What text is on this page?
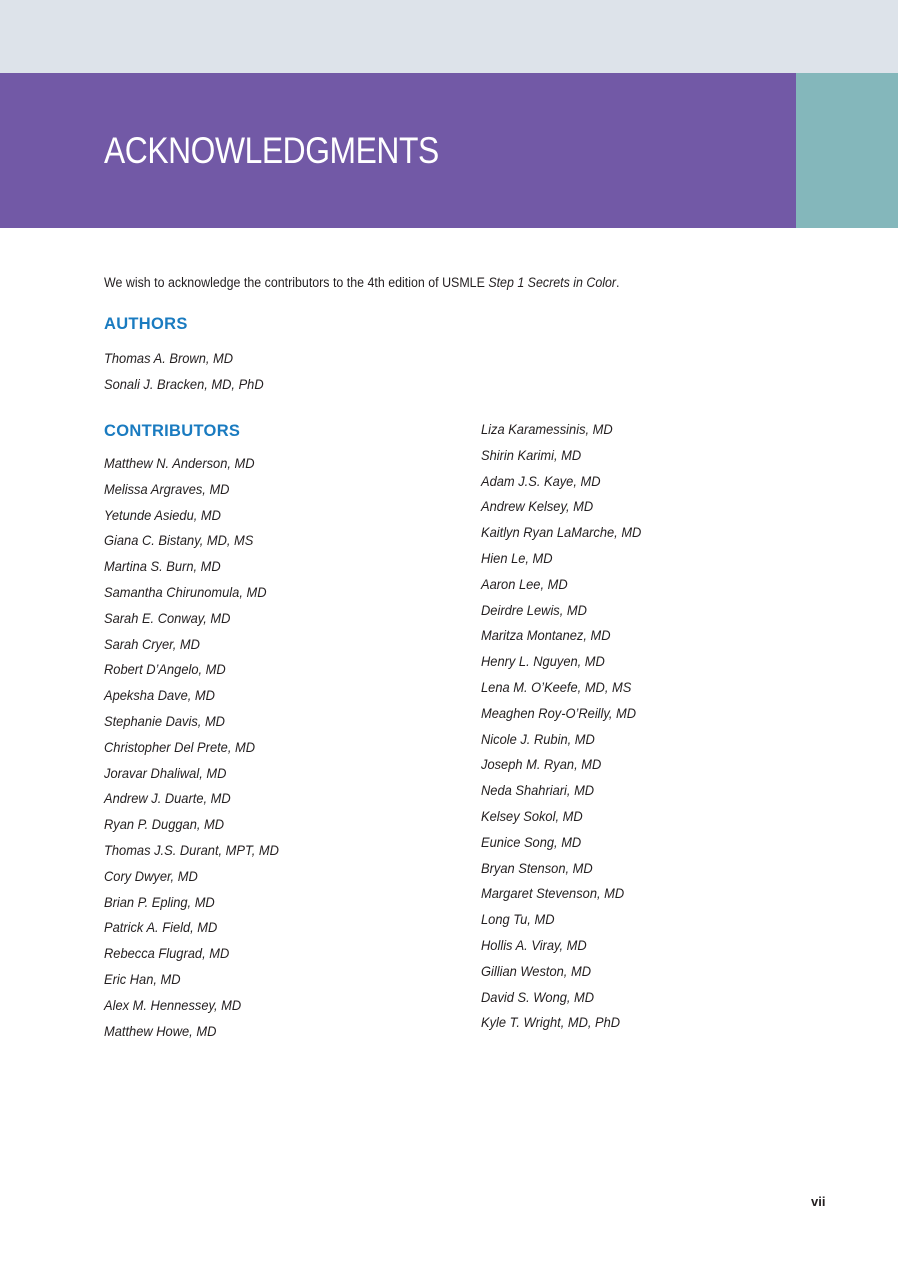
ACKNOWLEDGMENTS

We wish to acknowledge the contributors to the 4th edition of USMLE Step 1 Secrets in Color.

AUTHORS
Thomas A. Brown, MD
Sonali J. Bracken, MD, PhD
CONTRIBUTORS
Matthew N. Anderson, MD
Melissa Argraves, MD
Yetunde Asiedu, MD
Giana C. Bistany, MD, MS
Martina S. Burn, MD
Samantha Chirunomula, MD
Sarah E. Conway, MD
Sarah Cryer, MD
Robert D’Angelo, MD
Apeksha Dave, MD
Stephanie Davis, MD
Christopher Del Prete, MD
Joravar Dhaliwal, MD
Andrew J. Duarte, MD
Ryan P. Duggan, MD
Thomas J.S. Durant, MPT, MD
Cory Dwyer, MD
Brian P. Epling, MD
Patrick A. Field, MD
Rebecca Flugrad, MD
Eric Han, MD
Alex M. Hennessey, MD
Matthew Howe, MD
Liza Karamessinis, MD
Shirin Karimi, MD
Adam J.S. Kaye, MD
Andrew Kelsey, MD
Kaitlyn Ryan LaMarche, MD
Hien Le, MD
Aaron Lee, MD
Deirdre Lewis, MD
Maritza Montanez, MD
Henry L. Nguyen, MD
Lena M. O’Keefe, MD, MS
Meaghen Roy-O’Reilly, MD
Nicole J. Rubin, MD
Joseph M. Ryan, MD
Neda Shahriari, MD
Kelsey Sokol, MD
Eunice Song, MD
Bryan Stenson, MD
Margaret Stevenson, MD
Long Tu, MD
Hollis A. Viray, MD
Gillian Weston, MD
David S. Wong, MD
Kyle T. Wright, MD, PhD
vii
